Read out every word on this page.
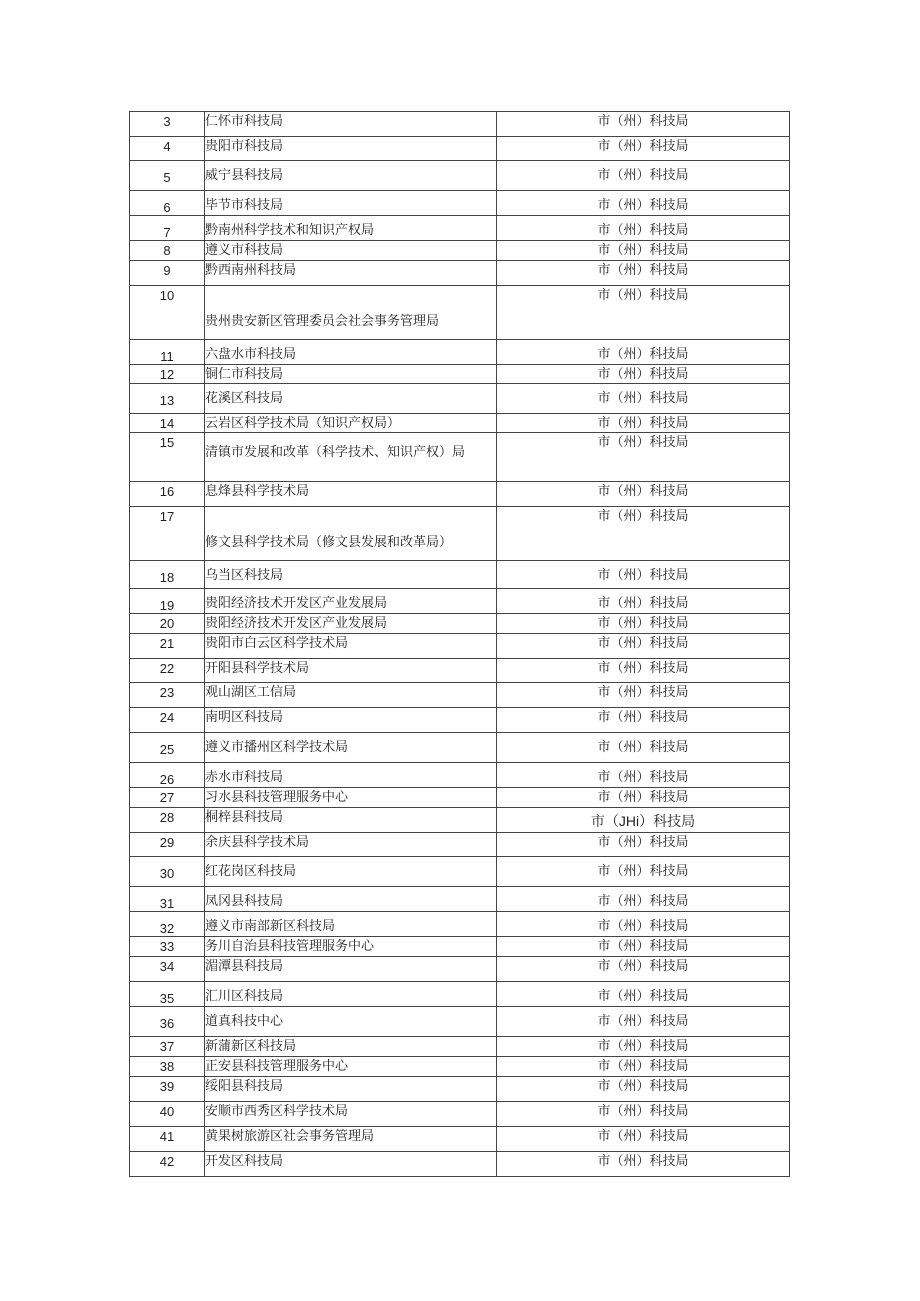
3	仁怀市科技局	市（州）科技局

4	贵阳市科技局	市（州）科技局

5	威宁县科技局	市（州）科技局

6	毕节市科技局	市（州）科技局

7	黔南州科学技术和知识产权局	市（州）科技局

8	遵义市科技局	市（州）科技局

9	黔西南州科技局	市（州）科技局

10	贵州贵安新区管理委员会社会事务管理局	市（州）科技局

11	六盘水市科技局	市（州）科技局

12	铜仁市科技局	市（州）科技局

13	花溪区科技局	市（州）科技局

14	云岩区科学技术局（知识产权局）	市（州）科技局

15	清镇市发展和改革（科学技术、知识产权）局	市（州）科技局

16	息烽县科学技术局	市（州）科技局

17	修文县科学技术局（修文县发展和改革局）	市（州）科技局

18	乌当区科技局	市（州）科技局

19	贵阳经济技术开发区产业发展局	市（州）科技局

20	贵阳经济技术开发区产业发展局	市（州）科技局

21	贵阳市白云区科学技术局	市（州）科技局

22	开阳县科学技术局	市（州）科技局

23	观山湖区工信局	市（州）科技局

24	南明区科技局	市（州）科技局

25	遵义市播州区科学技术局	市（州）科技局

26	赤水市科技局	市（州）科技局

27	习水县科技管理服务中心	市（州）科技局

28	桐梓县科技局	市（JHi）科技局

29	余庆县科学技术局	市（州）科技局

30	红花岗区科技局	市（州）科技局

31	凤冈县科技局	市（州）科技局

32	遵义市南部新区科技局	市（州）科技局

33	务川自治县科技管理服务中心	市（州）科技局

34	湄潭县科技局	市（州）科技局

35	汇川区科技局	市（州）科技局

36	道真科技中心	市（州）科技局

37	新蒲新区科技局	市（州）科技局

38	正安县科技管理服务中心	市（州）科技局

39	绥阳县科技局	市（州）科技局

40	安顺市西秀区科学技术局	市（州）科技局

41	黄果树旅游区社会事务管理局	市（州）科技局

42	开发区科技局	市（州）科技局
